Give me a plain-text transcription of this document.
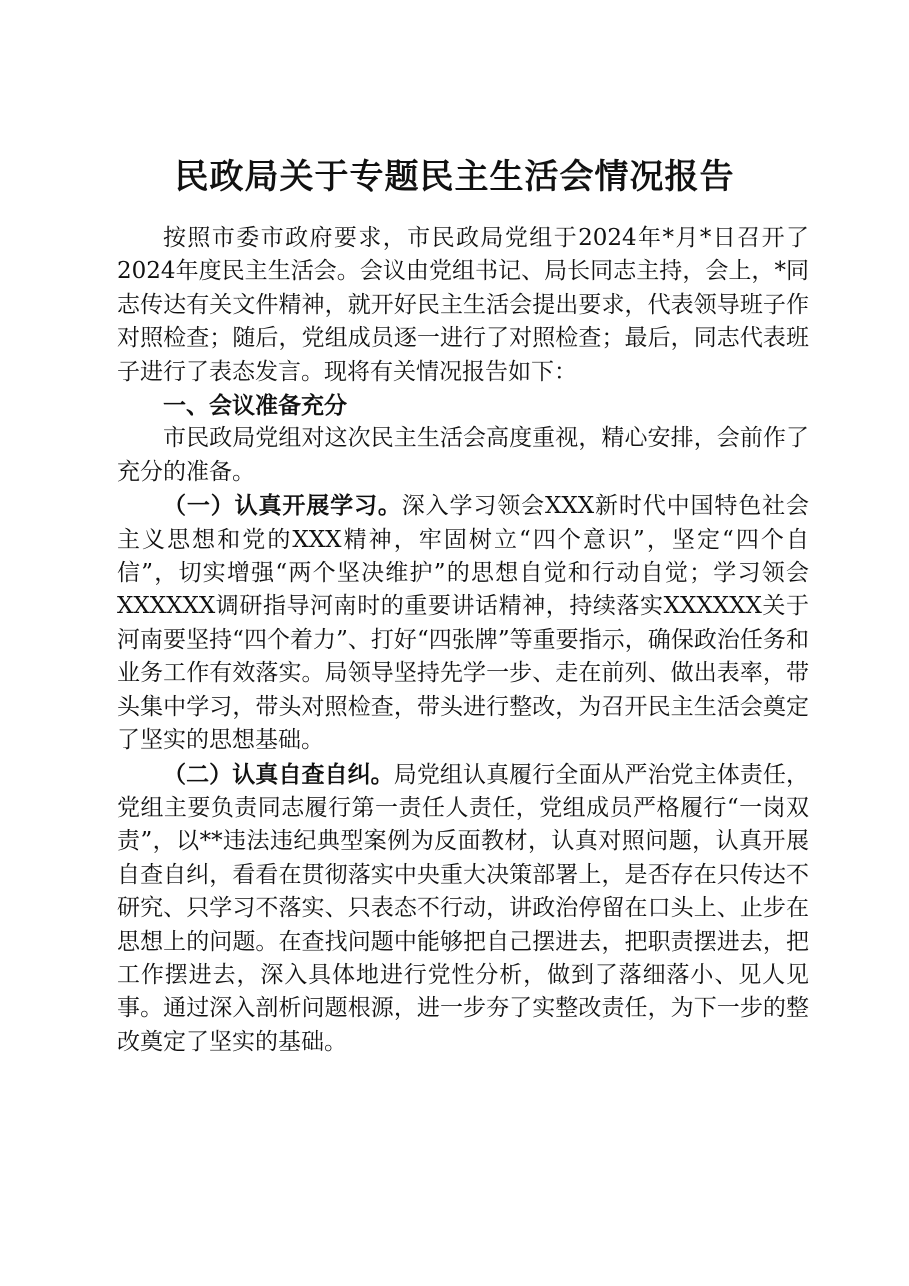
民政局关于专题民主生活会情况报告

按照市委市政府要求，市民政局党组于2024年*月*日召开了2024年度民主生活会。会议由党组书记、局长同志主持，会上，*同志传达有关文件精神，就开好民主生活会提出要求，代表领导班子作对照检查；随后，党组成员逐一进行了对照检查；最后，同志代表班子进行了表态发言。现将有关情况报告如下：

一、会议准备充分

市民政局党组对这次民主生活会高度重视，精心安排，会前作了充分的准备。

（一）认真开展学习。深入学习领会XXX新时代中国特色社会主义思想和党的XXX精神，牢固树立“四个意识”，坚定“四个自信”，切实增强“两个坚决维护”的思想自觉和行动自觉；学习领会XXXXXX调研指导河南时的重要讲话精神，持续落实XXXXXX关于河南要坚持“四个着力”、打好“四张牌”等重要指示，确保政治任务和业务工作有效落实。局领导坚持先学一步、走在前列、做出表率，带头集中学习，带头对照检查，带头进行整改，为召开民主生活会奠定了坚实的思想基础。

（二）认真自查自纠。局党组认真履行全面从严治党主体责任，党组主要负责同志履行第一责任人责任，党组成员严格履行“一岗双责”，以**违法违纪典型案例为反面教材，认真对照问题，认真开展自查自纠，看看在贯彻落实中央重大决策部署上，是否存在只传达不研究、只学习不落实、只表态不行动，讲政治停留在口头上、止步在思想上的问题。在查找问题中能够把自己摆进去，把职责摆进去，把工作摆进去，深入具体地进行党性分析，做到了落细落小、见人见事。通过深入剖析问题根源，进一步夯了实整改责任，为下一步的整改奠定了坚实的基础。
